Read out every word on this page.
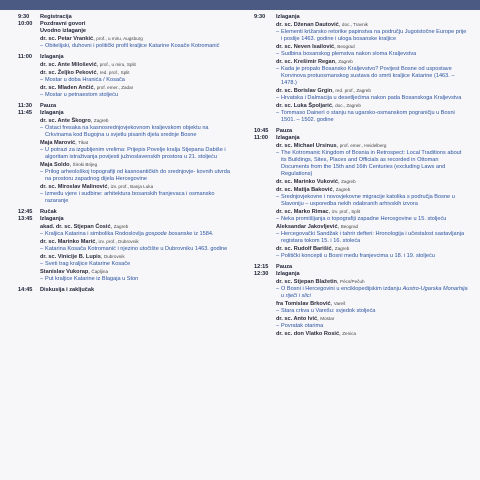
9:30	Registracija
10:00	Pozdravni govori
Uvodno izlaganje
dr. sc. Petar Vrankić, prof., u miru, Augsburg
– Obitelijski, duhovni i politički profil kraljice Katarine Kosače Kotromanić
11:00	Izlaganja
dr. sc. Ante Milošević, prof., u miru, Split
dr. sc. Željko Peković, red. prof., Split
– Mostar u doba Hranića / Kosača
dr. sc. Mladen Ančić, prof. emer., Zadar
– Mostar u petnaestom stoljeću
11:30	Pauza
11:45	Izlaganja
dr. sc. Ante Škogro, Zagreb
– Ostaci fresaka na kasnosrednjovjekovnom kraljevskom objektu na Crkvinama kod Bugojna u svjetlu pisanih djela srednje Bosne
Maja Marović, Tikat
– U potrazi za izgubljenim vrelima: Prijepis Povelje kralja Stjepana Dabiše i algoritam istraživanja povijesti južnoslavenskih prostora u 21. stoljeću
Maja Soldo, Široki Brijeg
– Prilog arheološkoj topografiji od kasnoantičkih do srednjovje- kovnih utvrda na prostoru zapadnog dijela Hercegovine
dr. sc. Miroslav Malinović, izv. prof., Banja Luka
– Između vjere i sudbine: arhitektura bosanskih franjevaca i osmansko razaranje
12:45	Ručak
13:45	Izlaganja
akad. dr. sc. Stjepan Ćosić, Zagreb
– Kraljica Katarina i simbolika Rodoslovlja gospode bosanske iz 1584.
dr. sc. Marinko Marić, izv. prof., Dubrovnik
– Katarina Kosača Kotromanić i njezino utočište u Dubrovniku 1463. godine
dr. sc. Vinicije B. Lupis, Dubrovnik
– Sveti trag kraljice Katarine Kosače
Stanislav Vukorap, Čapljina
– Put kraljice Katarine iz Blagaja u Ston
14:45	Diskusija i zaključak
9:30	Izlaganja
dr. sc. Dženan Dautović, doc., Travnik
– Elementi križarsko retorike papinstva na području Jugoistočne Europe prije i poslije 1463. godine i uloga bosanske kraljice
dr. sc. Neven Isailović, Beograd
– Sudbina bosanskog plemstva nakon sloma Kraljevstva
dr. sc. Krešimir Regan, Zagreb
– Kada je propalo Bosansko Kraljevstvo? Povijest Bosne od uspostave Korvinova protuosmanskog sustava do smrti kraljice Katarine (1463. – 1478.)
dr. sc. Borislav Grgin, red. prof., Zagreb
– Hrvatska i Dalmacija u desetljećima nakon pada Bosanskoga Kraljevstva
dr. sc. Luka Špoljarić, doc., Zagreb
– Tommaso Dainerì o stanju na ugarsko-osmanskom pograničju u Bosni 1501. – 1502. godine
10:45	Pauza
11:00	Izlaganja
dr. sc. Michael Ursinus, prof. emer., Heidelberg
– The Kotromanic Kingdom of Bosnia in Retrospect: Local Traditions about its Buildings, Sites, Places and Officials as recorded in Ottoman Documents from the 15th and 16th Centuries (excluding Laws and Regulations)
dr. sc. Marinko Vuković, Zagreb
dr. sc. Matija Baković, Zagreb
– Srednjovjekovne i novovjekovne migracije katolika s područja Bosne u Slavoniju – usporedba nekih odabranih arhivskih izvora
dr. sc. Marko Rimac, izv. prof., Split
– Neka promišljanja o topografiji zapadne Hercegovine u 15. stoljeću
Aleksandar Jakovljević, Beograd
– Hercegovački Sandžak i tahrir defteri: Hronologija i učestalost sastavljanja registara tokom 15. i 16. stoleća
dr. sc. Rudolf Barišić, Zagreb
– Politički koncepti u Bosni među franjevcima u 18. i 19. stoljeću
12:15	Pauza
12:30	Izlaganja
dr. sc. Stjepan Blažetin, Pécs/Pečuh
– O Bosni i Hercegovini u enciklopedijskim izdanju Austro-Ugarska Monarhija u riječi i slici
fra Tomislav Brković, Vareš
– Stara crkva u Varešu: svjedok stoljeća
dr. sc. Anto Ivić, Mostar
– Povratak otarima
dr. sc. don Vlatko Rosić, Zenica
